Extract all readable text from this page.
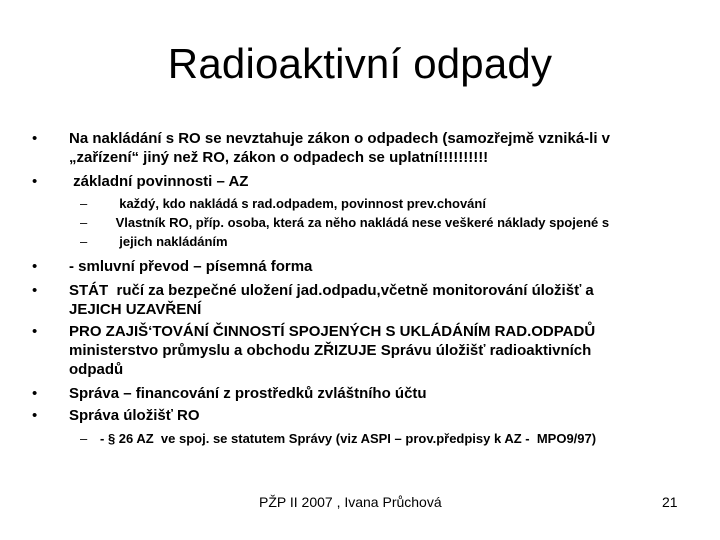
Radioaktivní odpady
• Na nakládání s RO se nevztahuje zákon o odpadech (samozřejmě vzniká-li v
„zařízení“ jiný než RO, zákon o odpadech se uplatní!!!!!!!!!!
• základní povinnosti – AZ
– každý, kdo nakládá s rad.odpadem, povinnost prev.chování
– Vlastník RO, příp. osoba, která za něho nakládá nese veškeré náklady spojené s
– jejich nakládáním
• - smluvní převod – písemná forma
• STÁT  ručí za bezpečné uložení jad.odpadu,včetně monitorování úložišť a
JEJICH UZAVŘENÍ
• PRO ZAJIŠ‘TOVÁNÍ ČINNOSTÍ SPOJENÝCH S UKLÁDÁNÍM RAD.ODPADŮ
ministerstvo průmyslu a obchodu ZŘIZUJE Správu úložišť radioaktivních
odpadů
• Správa – financování z prostředků zvláštního účtu
• Správa úložišť RO
– - § 26 AZ  ve spoj. se statutem Správy (viz ASPI – prov.předpisy k AZ -  MPO9/97)
PŽP II 2007 , Ivana Průchová	21
